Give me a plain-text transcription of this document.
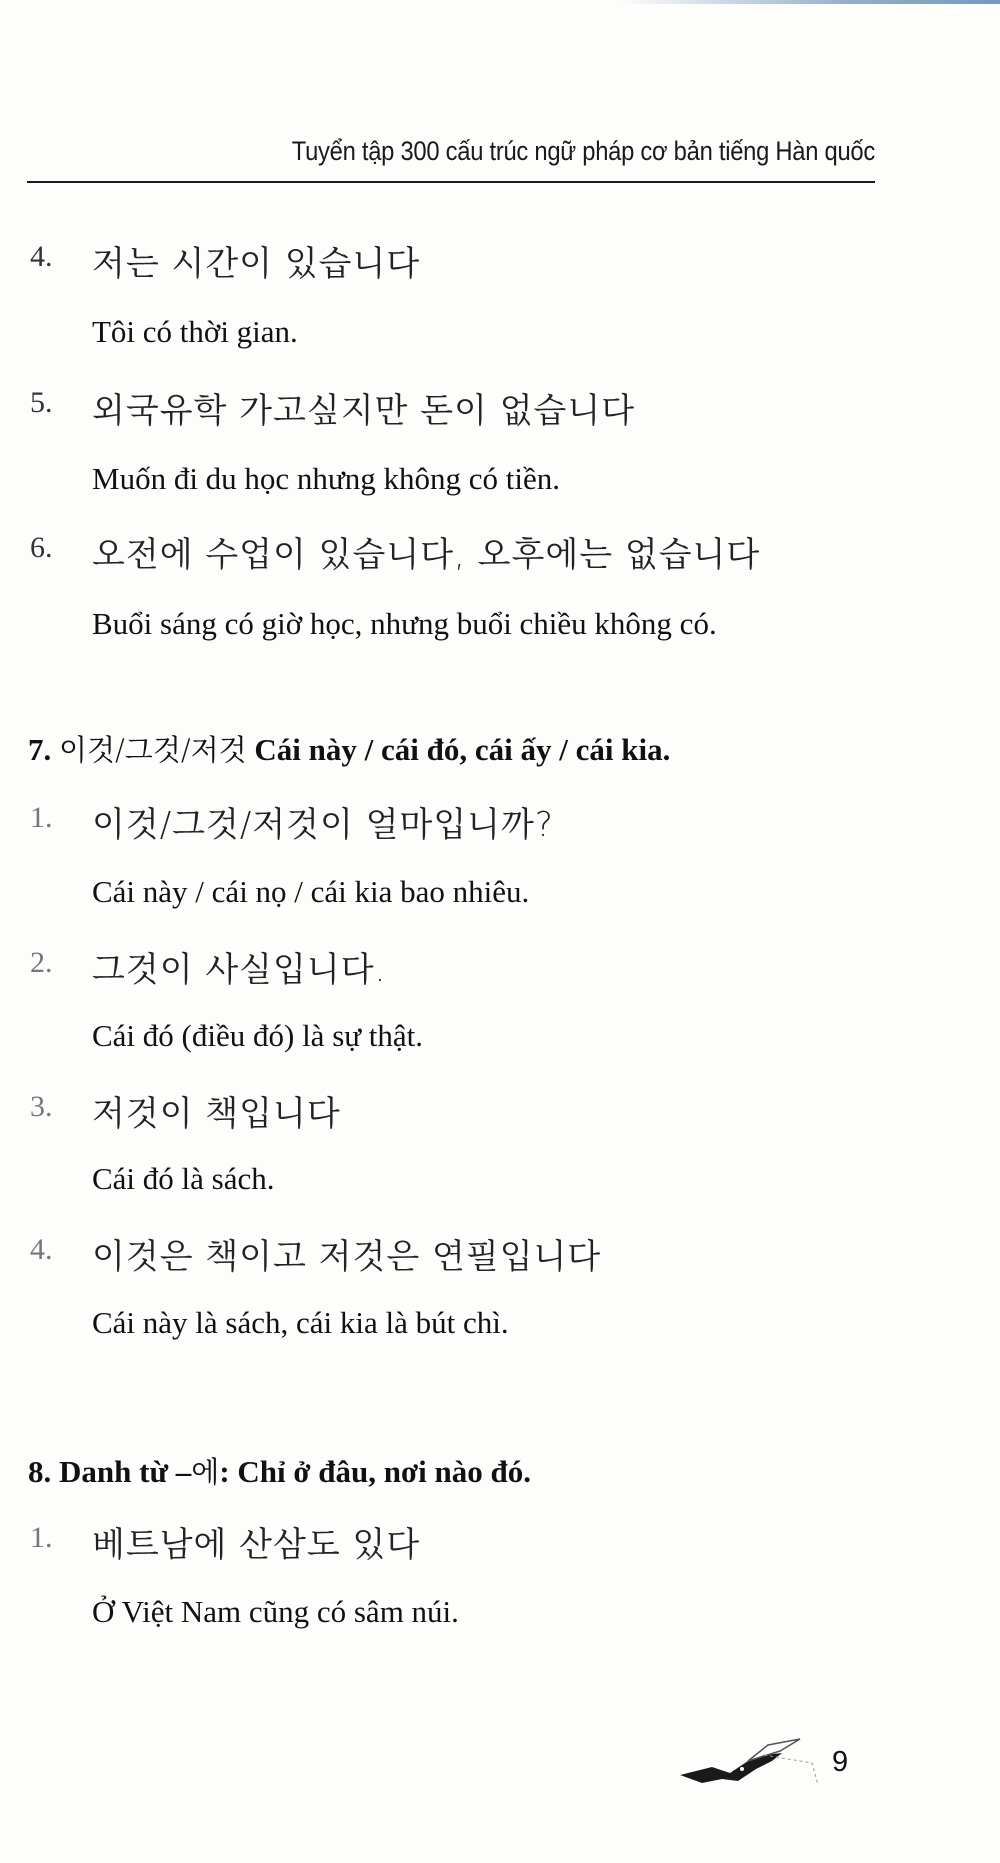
Tuyển tập 300 cấu trúc ngữ pháp cơ bản tiếng Hàn quốc
4.	저는 시간이 있습니다
Tôi có thời gian.
5.	외국유학 가고싶지만 돈이 없습니다
Muốn đi du học nhưng không có tiền.
6.	오전에 수업이 있습니다, 오후에는 없습니다
Buổi sáng có giờ học, nhưng buổi chiều không có.
7. 이것/그것/저것 Cái này / cái đó, cái ấy / cái kia.
1.	이것/그것/저것이 얼마입니까?
Cái này / cái nọ / cái kia bao nhiêu.
2.	그것이 사실입니다.
Cái đó (điều đó) là sự thật.
3.	저것이 책입니다
Cái đó là sách.
4.	이것은 책이고 저것은 연필입니다
Cái này là sách, cái kia là bút chì.
8. Danh từ –에: Chỉ ở đâu, nơi nào đó.
1.	베트남에 산삼도 있다
Ở Việt Nam cũng có sâm núi.
9
